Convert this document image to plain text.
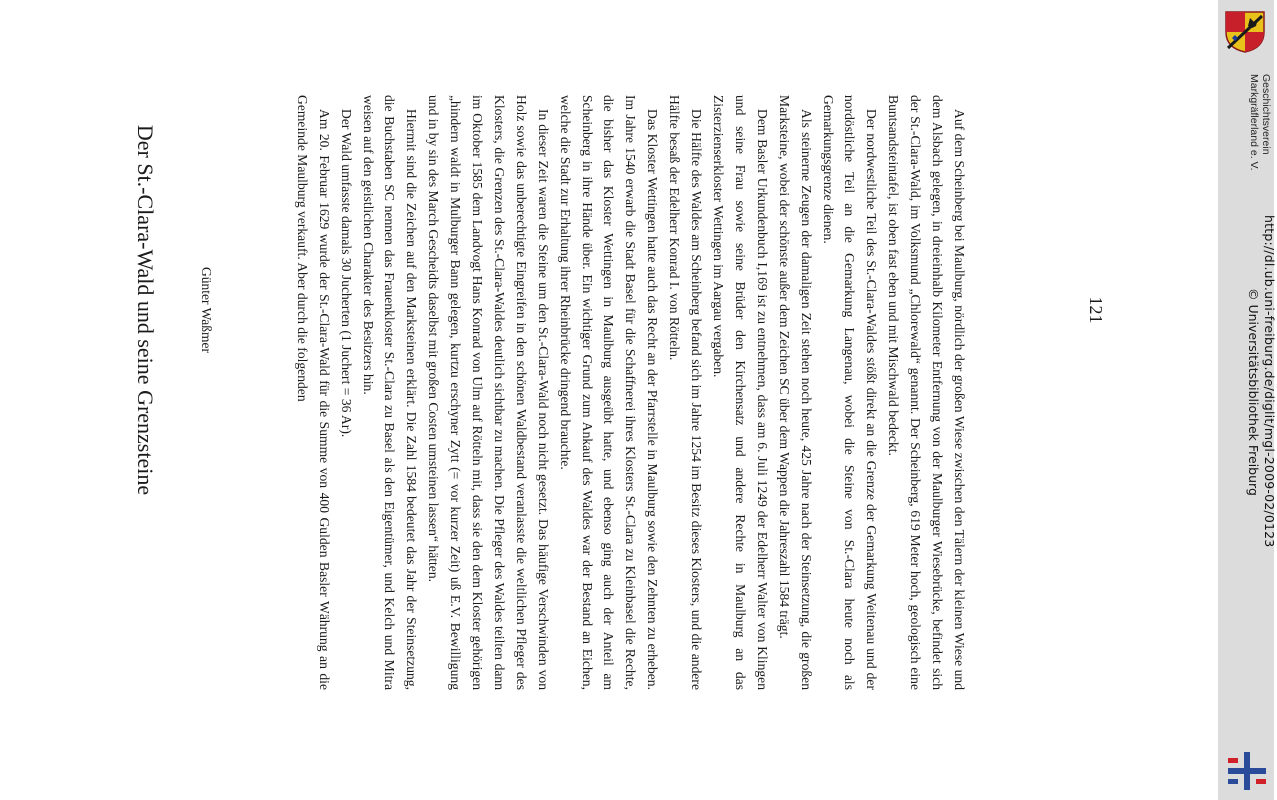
Der St.-Clara-Wald und seine Grenzsteine	Günter Waßmer	Auf dem Scheinberg bei Maulburg, nördlich der großen Wiese zwischen den Tälern der kleinen Wiese und dem Alsbach gelegen, in dreieinhalb Kilometer Entfernung von der Maulburger Wiesebrücke, befindet sich der St.-Clara-Wald, im Volksmund „Chlorewald“ genannt. Der Scheinberg, 619 Meter hoch, geologisch eine Buntsandsteintafel, ist oben fast eben und mit Mischwald bedeckt.

Der nordwestliche Teil des St.-Clara-Waldes stößt direkt an die Grenze der Gemarkung Weitenau und der nordöstliche Teil an die Gemarkung Langenau, wobei die Steine von St.-Clara heute noch als Gemarkungsgrenze dienen.

Als steinerne Zeugen der damaligen Zeit stehen noch heute, 425 Jahre nach der Steinsetzung, die großen Marksteine, wobei der schönste außer dem Zeichen SC über dem Wappen die Jahreszahl 1584 trägt.

Dem Basler Urkundenbuch I,169 ist zu entnehmen, dass am 6. Juli 1249 der Edelherr Walter von Klingen und seine Frau sowie seine Brüder den Kirchensatz und andere Rechte in Maulburg an das Zisterzienserkloster Wettingen im Aargau vergaben.

Die Hälfte des Waldes am Scheinberg befand sich im Jahre 1254 im Besitz dieses Klosters, und die andere Hälfte besaß der Edelherr Konrad I. von Rötteln.

Das Kloster Wettingen hatte auch das Recht an der Pfarrstelle in Maulburg sowie den Zehnten zu erheben. Im Jahre 1540 erwarb die Stadt Basel für die Schaffnerei ihres Klosters St.-Clara zu Kleinbasel die Rechte, die bisher das Kloster Wettingen in Maulburg ausgeübt hatte, und ebenso ging auch der Anteil am Scheinberg in ihre Hände über. Ein wichtiger Grund zum Ankauf des Waldes war der Bestand an Eichen, welche die Stadt zur Erhaltung ihrer Rheinbrücke dringend brauchte.

In dieser Zeit waren die Steine um den St.-Clara-Wald noch nicht gesetzt. Das häufige Verschwinden von Holz sowie das unberechtigte Eingreifen in den schönen Waldbestand veranlasste die weltlichen Pfleger des Klosters, die Grenzen des St.-Clara-Waldes deutlich sichtbar zu machen. Die Pfleger des Waldes teilten dann im Oktober 1585 dem Landvogt Hans Konrad von Ulm auf Rötteln mit, dass sie den dem Kloster gehörigen „hindern waldt in Mulburger Bann gelegen, kurtzu erschyner Zytt (= vor kurzer Zeit) uß E.V. Bewilligung und in by sin des March Gescheidts daselbst mit großen Costen umsteinen lassen“ hätten.

Hiermit sind die Zeichen auf den Marksteinen erklärt. Die Zahl 1584 bedeutet das Jahr der Steinsetzung, die Buchstaben SC nennen das Frauenkloster St.-Clara zu Basel als den Eigentümer, und Kelch und Mitra weisen auf den geistlichen Charakter des Besitzers hin.

Der Wald umfasste damals 30 Jucherten (1 Juchert = 36 Ar).

Am 20. Februar 1629 wurde der St.-Clara-Wald für die Summe von 400 Gulden Basler Währung an die Gemeinde Maulburg verkauft. Aber durch die folgenden	121
Geschichtsverein
Markgräflerland e. V.
http://dl.ub.uni-freiburg.de/diglit/mgl-2009-02/0123
© Universitätsbibliothek Freiburg
